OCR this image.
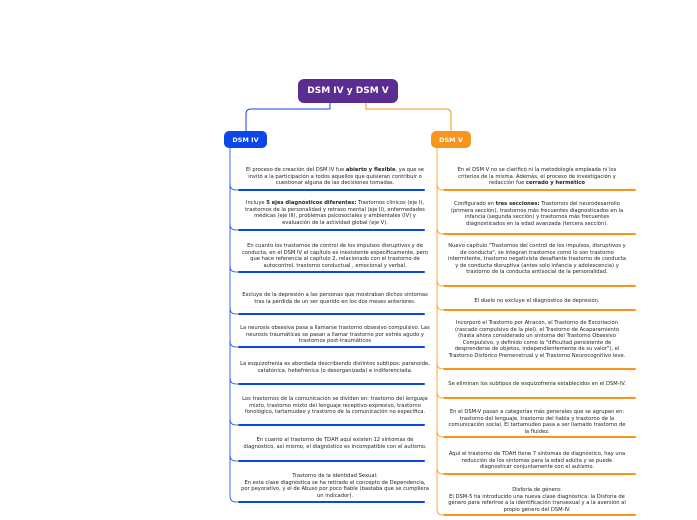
DSM IV y DSM V
DSM IV	DSM V
El proceso de creación del DSM IV fue abierto y flexible, ya que se invitó a la participación a todos aquellos que quisieran contribuir o cuestionar alguna de las decisiones tomadas.
Incluye 5 ejes diagnósticos diferentes: Trastornos clínicos (eje I), trastornos de la personalidad y retraso mental (eje II), enfermedades médicas (eje III), problemas psicosociales y ambientales (IV) y evaluación de la actividad global (eje V).
En cuanto los trastornos de control de los impulsos disruptivos y de conducta, en el DSM IV el capítulo es inexistente específicamente, pero que hace referencia al capítulo 2, relacionado con el trastorno de autocontrol. trastorno conductual , emocional y verbal.
Excluye de la depresión a las personas que mostraban dichos síntomas tras la pérdida de un ser querido en los dos meses anteriores.
La neurosis obsesiva pasa a llamarse trastorno obsesivo compulsivo. Las neurosis traumáticas se pasan a llamar trastorno por estrés agudo y trastornos post-traumáticos
La esquizofrenia es abordada describiendo distintos subtipos: paranoide, catatónica, hebefrénica (o desorganizada) e indiferenciada.
Los trastornos de la comunicación se dividen en: trastorno del lenguaje mixto, trastorno mixto del lenguaje receptivo-expresivo, trastorno fonológico, tartamudeo y trastorno de la comunicación no específica.
En cuanto al trastorno de TDAH aquí existen 12 síntomas de diagnóstico, así mismo, el diagnóstico es incompatible con el autismo.
Trastorno de la identidad Sexual:
En esta clase diagnóstica se ha retirado el concepto de Dependencia, por peyorativo, y el de Abuso por poco fiable (bastaba que se cumpliera un indicador).
En el DSM V no se clarificó ni la metodología empleada ni los criterios de la misma. Además, el proceso de investigación y redacción fue cerrado y hermético
Configurado en tres secciones: Trastornos del neurodesarrollo (primera sección), trastornos más frecuentes diagnosticados en la infancia (segunda sección) y trastornos más frecuentes diagnosticados en la edad avanzada (tercera sección).
Nuevo capítulo "Trastornos del control de los impulsos, disruptivos y de conducta", se integran trastornos como lo son trastorno intermitente, trastorno negativista desafiante trastorno de conducta y de conducta disruptiva (antes solo infancia y adolescencia) y trastorno de la conducta antisocial de la personalidad.
El duelo no excluye el diagnóstico de depresión.
Incorporó el Trastorno por Atracón, el Trastorno de Excoriación (rascado compulsivo de la piel), el Trastorno de Acaparamiento (hasta ahora considerado un síntoma del Trastorno Obsesivo Compulsivo, y definido como la "dificultad persistente de desprenderse de objetos, independientemente de su valor"), el Trastorno Disfórico Premenstrual y el Trastorno Neurocognitivo leve.
Se eliminan los subtipos de esquizofrenia establecidos en el DSM-IV.
En el DSM-V pasan a categorías más generales que se agrupan en: trastorno del lenguaje, trastorno del habla y trastorno de la comunicación social. El tartamudeo pasa a ser llamado trastorno de la fluidez.
Aquí el trastorno de TDAH tiene 7 síntomas de diagnóstico, hay una reducción de los síntomas para la edad adulta y se puede diagnosticar conjuntamente con el autismo.
Disforia de género:
El DSM-5 ha introducido una nueva clase diagnóstica: la Disforia de género para referirse a la identificación transexual y a la aversión al propio género del DSM-IV.
